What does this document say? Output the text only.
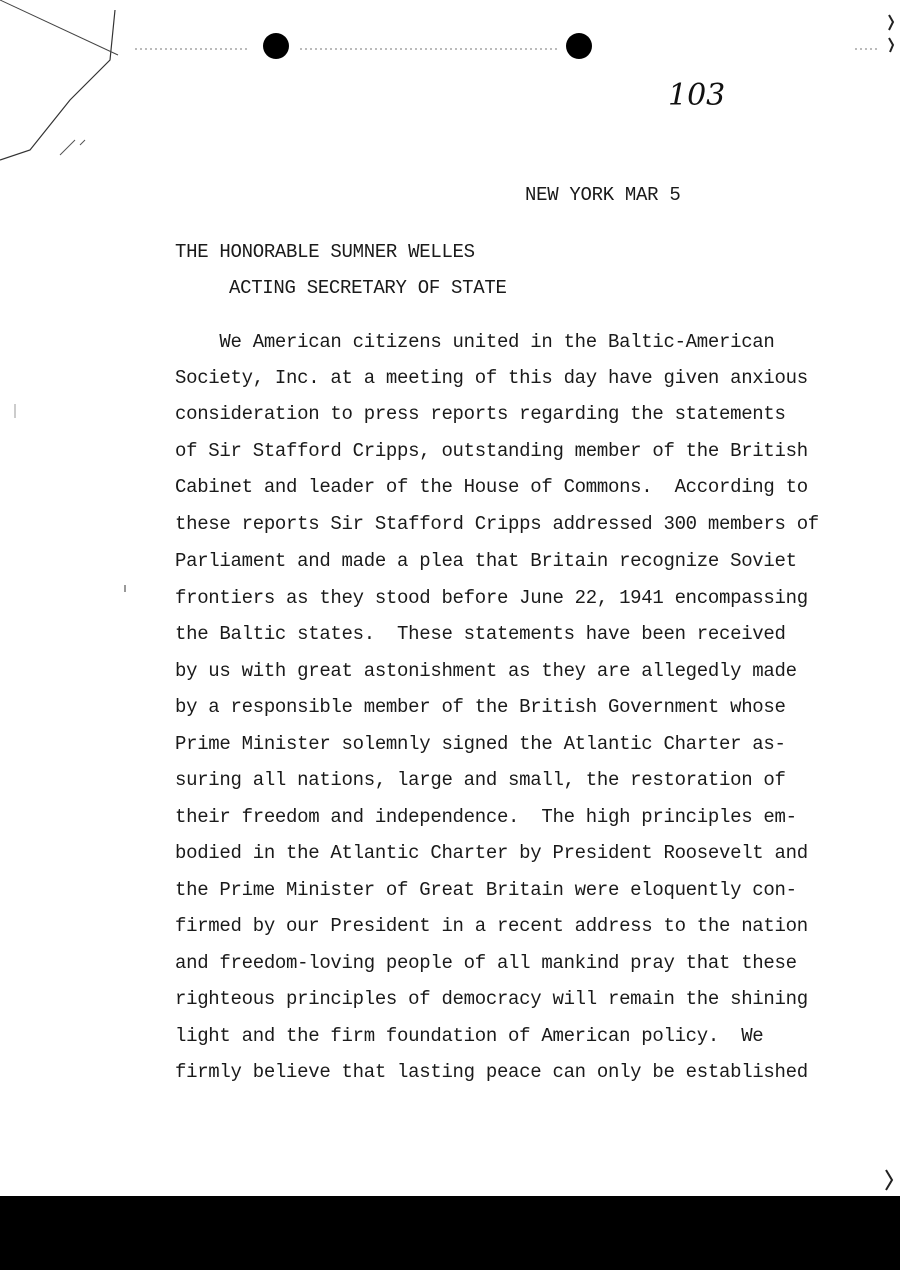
103
NEW YORK MAR 5
THE HONORABLE SUMNER WELLES
ACTING SECRETARY OF STATE
We American citizens united in the Baltic-American
Society, Inc. at a meeting of this day have given anxious
consideration to press reports regarding the statements
of Sir Stafford Cripps, outstanding member of the British
Cabinet and leader of the House of Commons.  According to
these reports Sir Stafford Cripps addressed 300 members of
Parliament and made a plea that Britain recognize Soviet
frontiers as they stood before June 22, 1941 encompassing
the Baltic states.  These statements have been received
by us with great astonishment as they are allegedly made
by a responsible member of the British Government whose
Prime Minister solemnly signed the Atlantic Charter as-
suring all nations, large and small, the restoration of
their freedom and independence.  The high principles em-
bodied in the Atlantic Charter by President Roosevelt and
the Prime Minister of Great Britain were eloquently con-
firmed by our President in a recent address to the nation
and freedom-loving people of all mankind pray that these
righteous principles of democracy will remain the shining
light and the firm foundation of American policy.  We
firmly believe that lasting peace can only be established
